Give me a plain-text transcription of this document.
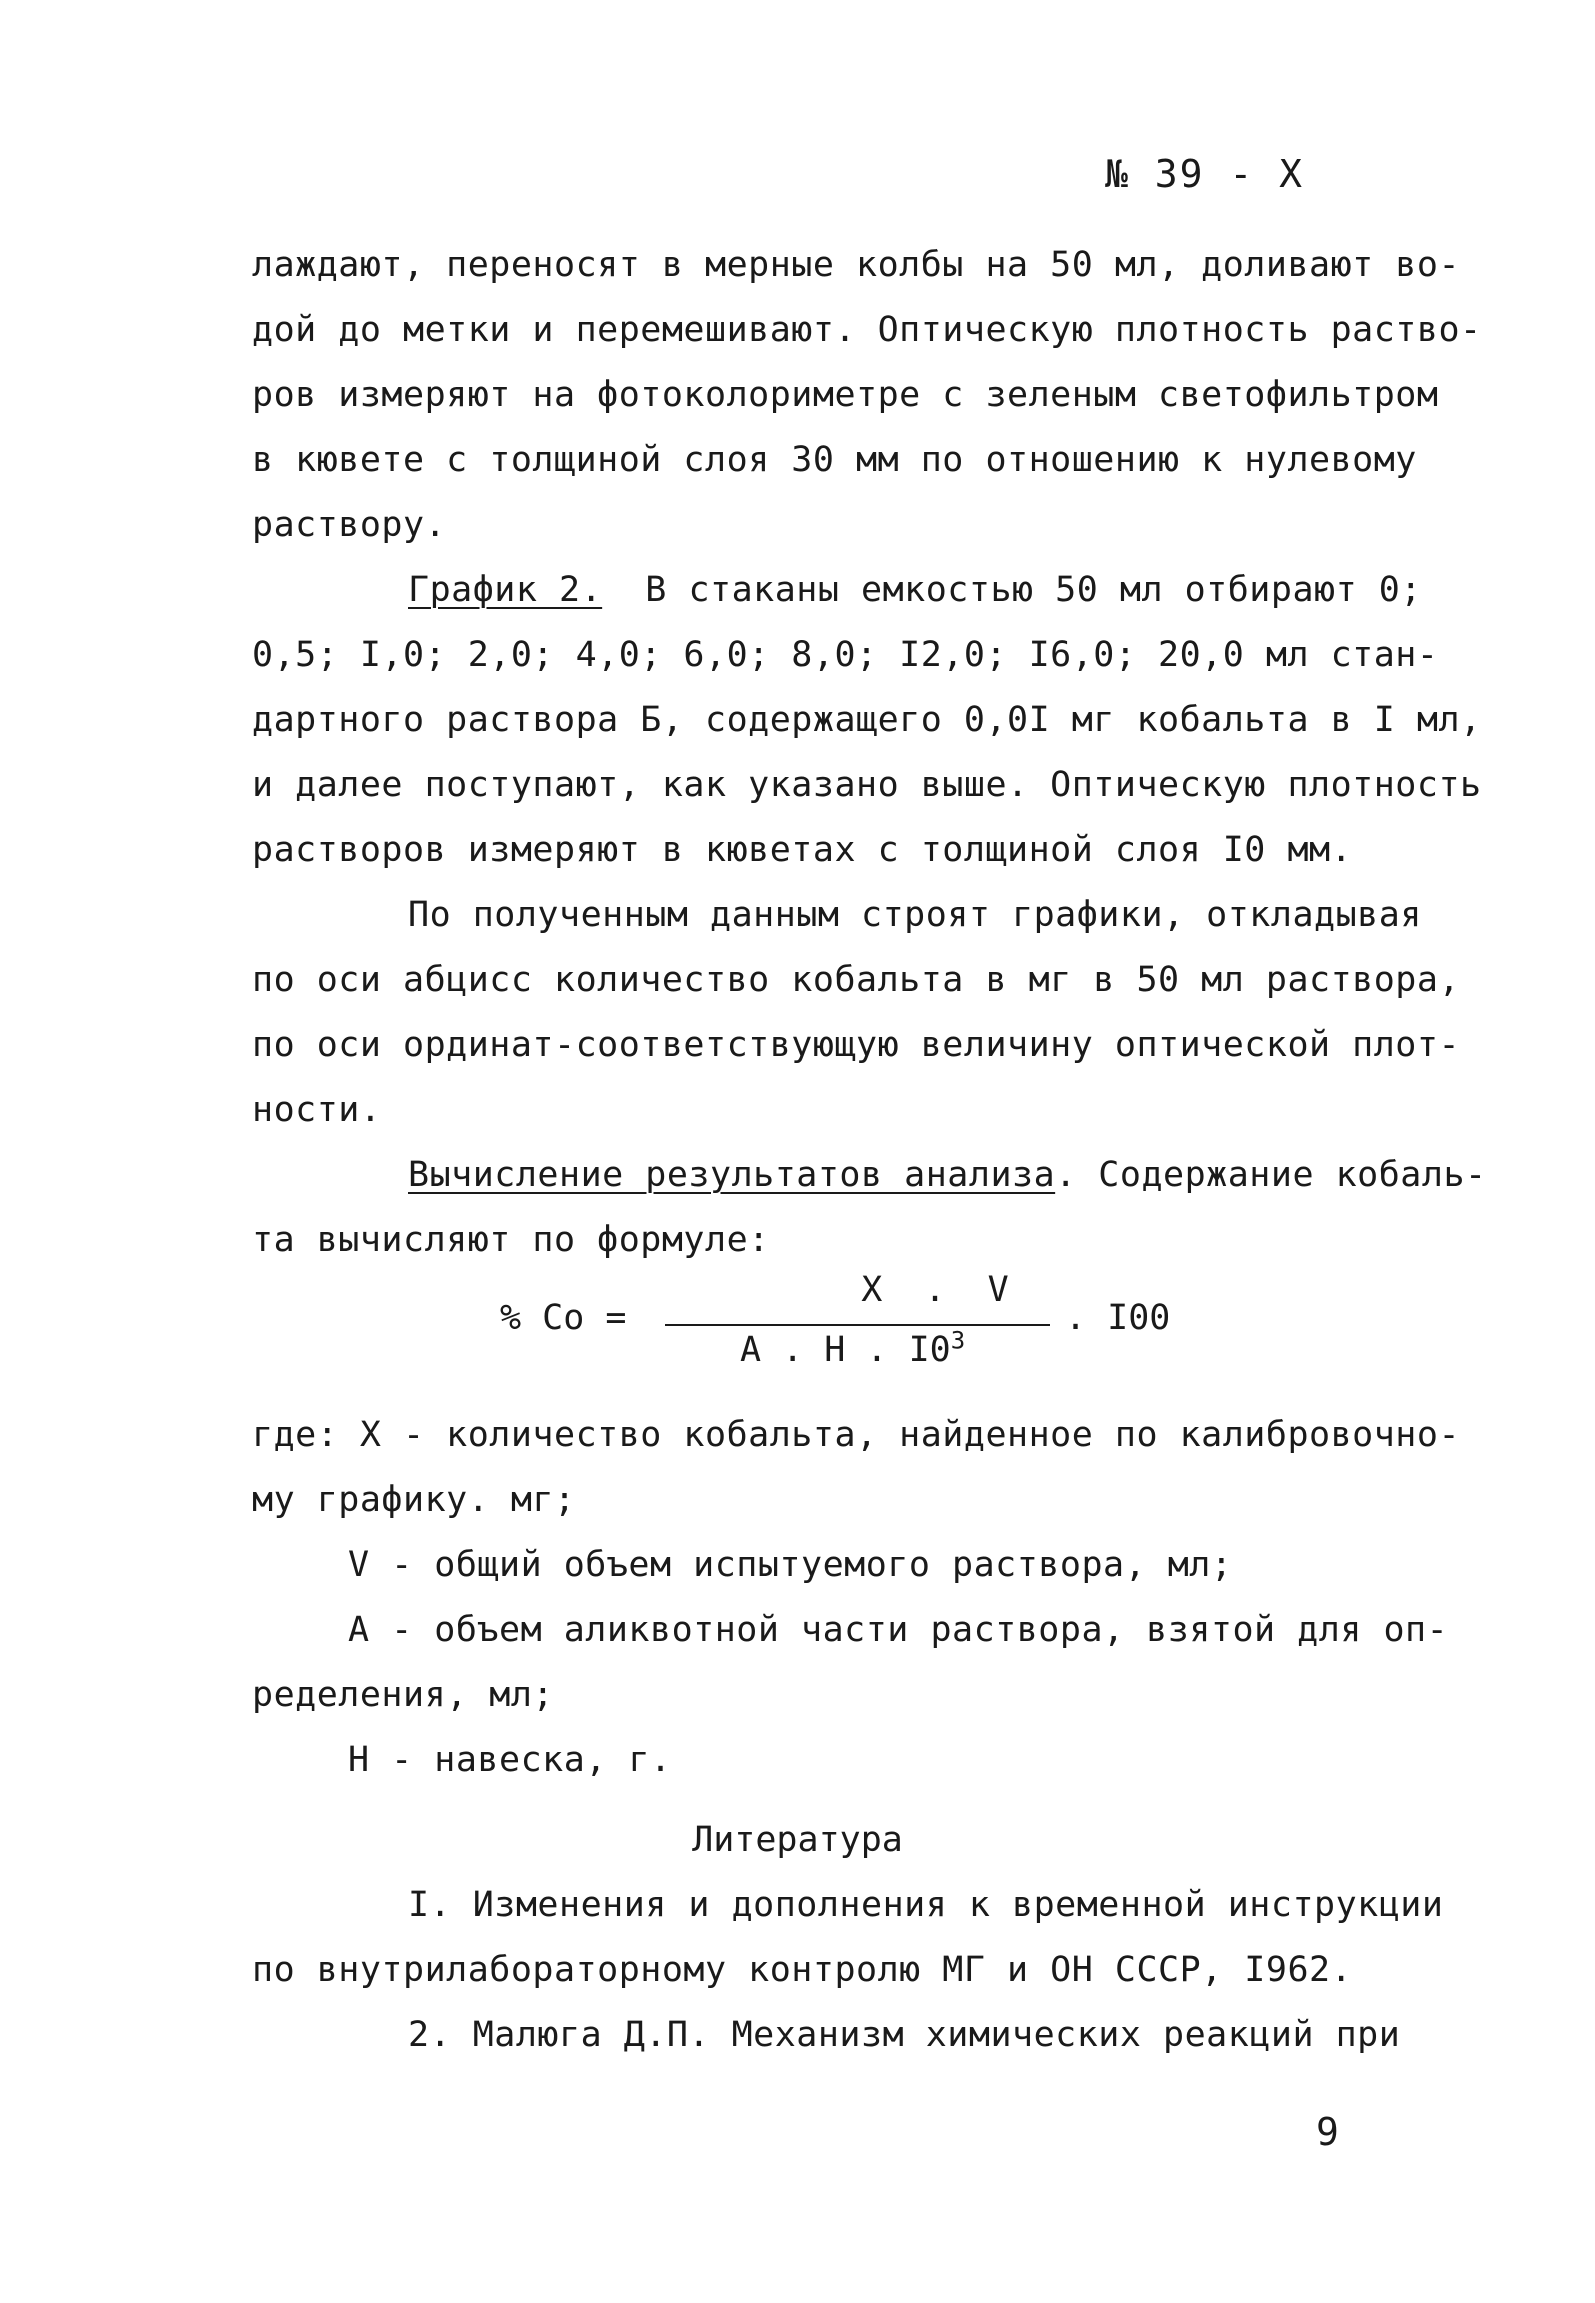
№ 39 - Х
лаждают, переносят в мерные колбы на 50 мл, доливают во-
дой до метки и перемешивают. Оптическую плотность раство-
ров измеряют на фотоколориметре с зеленым светофильтром
в кювете с толщиной слоя 30 мм по отношению к нулевому
раствору.
График 2.  В стаканы емкостью 50 мл отбирают 0;
0,5; I,0; 2,0; 4,0; 6,0; 8,0; I2,0; I6,0; 20,0 мл стан-
дартного раствора Б, содержащего 0,0I мг кобальта в I мл,
и далее поступают, как указано выше. Оптическую плотность
растворов измеряют в кюветах с толщиной слоя I0 мм.
По полученным данным строят графики, откладывая
по оси абцисс количество кобальта в мг в 50 мл раствора,
по оси ординат-соответствующую величину оптической плот-
ности.
Вычисление результатов анализа. Содержание кобаль-
та вычисляют по формуле:
% Co =
Х  .  V
А . Н . $I0^3$
. I00
где: Х - количество кобальта, найденное по калибровочно-
му графику. мг;
V - общий объем испытуемого раствора, мл;
А - объем аликвотной части раствора, взятой для оп-
ределения, мл;
Н - навеска, г.
Литература
I. Изменения и дополнения к временной инструкции
по внутрилабораторному контролю МГ и ОН СССР, I962.
2. Малюга Д.П. Механизм химических реакций при
9
